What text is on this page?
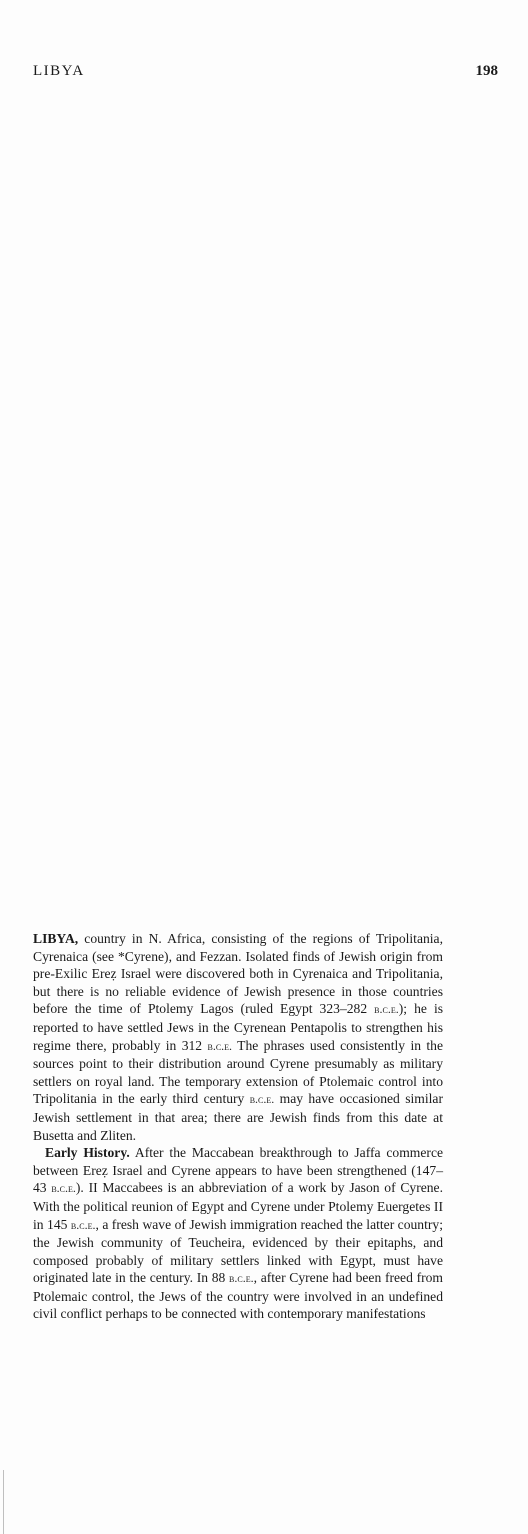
LIBYA	198

LIBYA, country in N. Africa, consisting of the regions of Tripolitania, Cyrenaica (see *Cyrene), and Fezzan. Isolated finds of Jewish origin from pre-Exilic Ereẓ Israel were discovered both in Cyrenaica and Tripolitania, but there is no reliable evidence of Jewish presence in those countries before the time of Ptolemy Lagos (ruled Egypt 323–282 b.c.e.); he is reported to have settled Jews in the Cyrenean Pentapolis to strengthen his regime there, probably in 312 b.c.e. The phrases used consistently in the sources point to their distribution around Cyrene presumably as military settlers on royal land. The temporary extension of Ptolemaic control into Tripolitania in the early third century b.c.e. may have occasioned similar Jewish settlement in that area; there are Jewish finds from this date at Busetta and Zliten.

Early History. After the Maccabean breakthrough to Jaffa commerce between Ereẓ Israel and Cyrene appears to have been strengthened (147–43 b.c.e.). II Maccabees is an abbreviation of a work by Jason of Cyrene. With the political reunion of Egypt and Cyrene under Ptolemy Euergetes II in 145 b.c.e., a fresh wave of Jewish immigration reached the latter country; the Jewish community of Teucheira, evidenced by their epitaphs, and composed probably of military settlers linked with Egypt, must have originated late in the century. In 88 b.c.e., after Cyrene had been freed from Ptolemaic control, the Jews of the country were involved in an undefined civil conflict perhaps to be connected with contemporary manifestations
